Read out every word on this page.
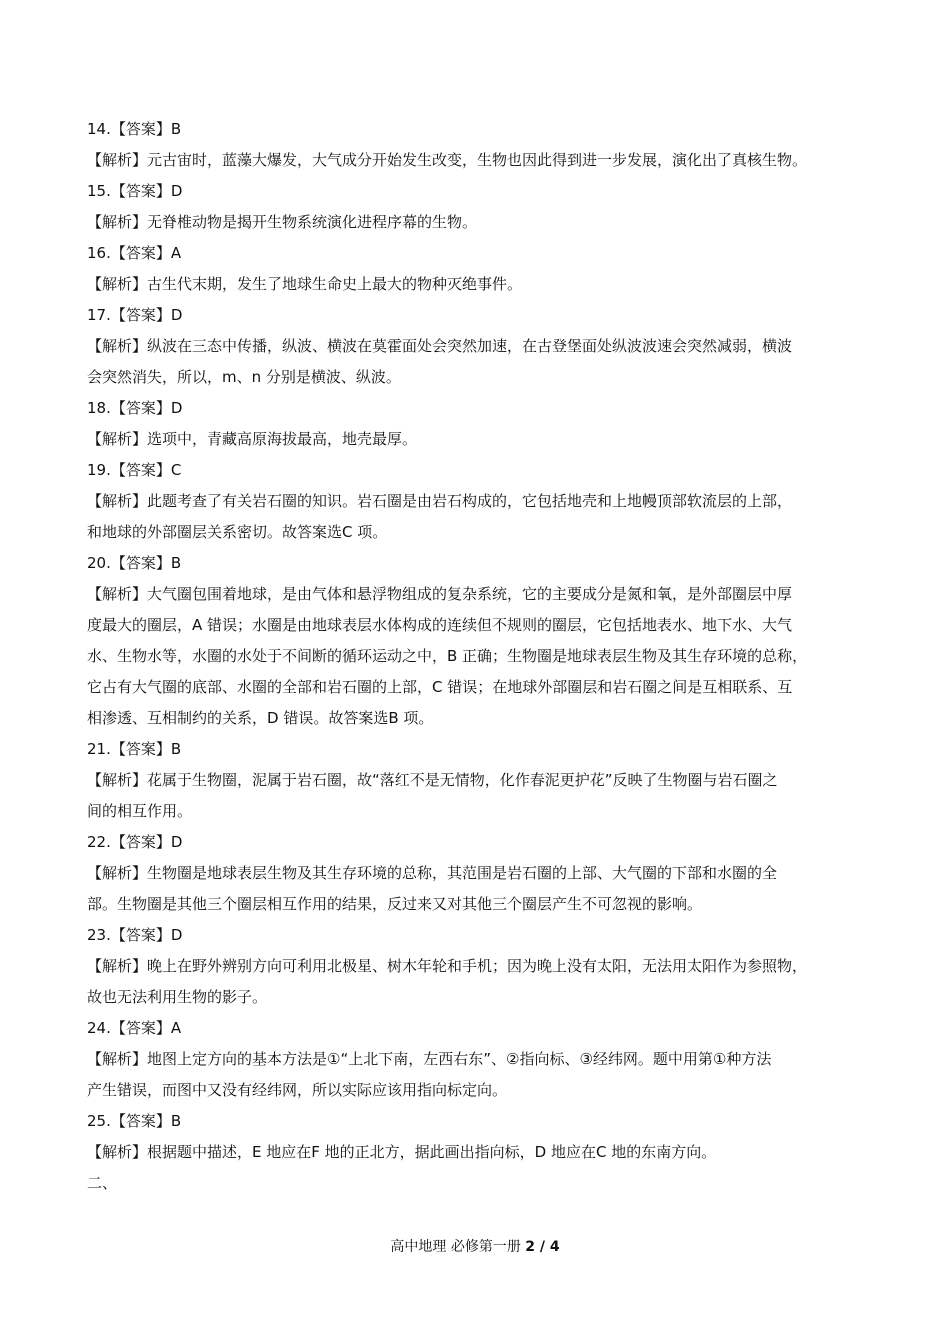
14.【答案】B

【解析】元古宙时，蓝藻大爆发，大气成分开始发生改变，生物也因此得到进一步发展，演化出了真核生物。

15.【答案】D

【解析】无脊椎动物是揭开生物系统演化进程序幕的生物。

16.【答案】A

【解析】古生代末期，发生了地球生命史上最大的物种灭绝事件。

17.【答案】D

【解析】纵波在三态中传播，纵波、横波在莫霍面处会突然加速，在古登堡面处纵波波速会突然减弱，横波

会突然消失，所以，m、n 分别是横波、纵波。

18.【答案】D

【解析】选项中，青藏高原海拔最高，地壳最厚。

19.【答案】C

【解析】此题考查了有关岩石圈的知识。岩石圈是由岩石构成的，它包括地壳和上地幔顶部软流层的上部，

和地球的外部圈层关系密切。故答案选C 项。

20.【答案】B

【解析】大气圈包围着地球，是由气体和悬浮物组成的复杂系统，它的主要成分是氮和氧，是外部圈层中厚

度最大的圈层，A 错误；水圈是由地球表层水体构成的连续但不规则的圈层，它包括地表水、地下水、大气

水、生物水等，水圈的水处于不间断的循环运动之中，B 正确；生物圈是地球表层生物及其生存环境的总称，

它占有大气圈的底部、水圈的全部和岩石圈的上部，C 错误；在地球外部圈层和岩石圈之间是互相联系、互

相渗透、互相制约的关系，D 错误。故答案选B 项。

21.【答案】B

【解析】花属于生物圈，泥属于岩石圈，故“落红不是无情物，化作春泥更护花”反映了生物圈与岩石圈之

间的相互作用。

22.【答案】D

【解析】生物圈是地球表层生物及其生存环境的总称，其范围是岩石圈的上部、大气圈的下部和水圈的全

部。生物圈是其他三个圈层相互作用的结果，反过来又对其他三个圈层产生不可忽视的影响。

23.【答案】D

【解析】晚上在野外辨别方向可利用北极星、树木年轮和手机；因为晚上没有太阳，无法用太阳作为参照物，

故也无法利用生物的影子。

24.【答案】A

【解析】地图上定方向的基本方法是①“上北下南，左西右东”、②指向标、③经纬网。题中用第①种方法

产生错误，而图中又没有经纬网，所以实际应该用指向标定向。

25.【答案】B

【解析】根据题中描述，E 地应在F 地的正北方，据此画出指向标，D 地应在C 地的东南方向。

二、

高中地理 必修第一册 2 / 4
